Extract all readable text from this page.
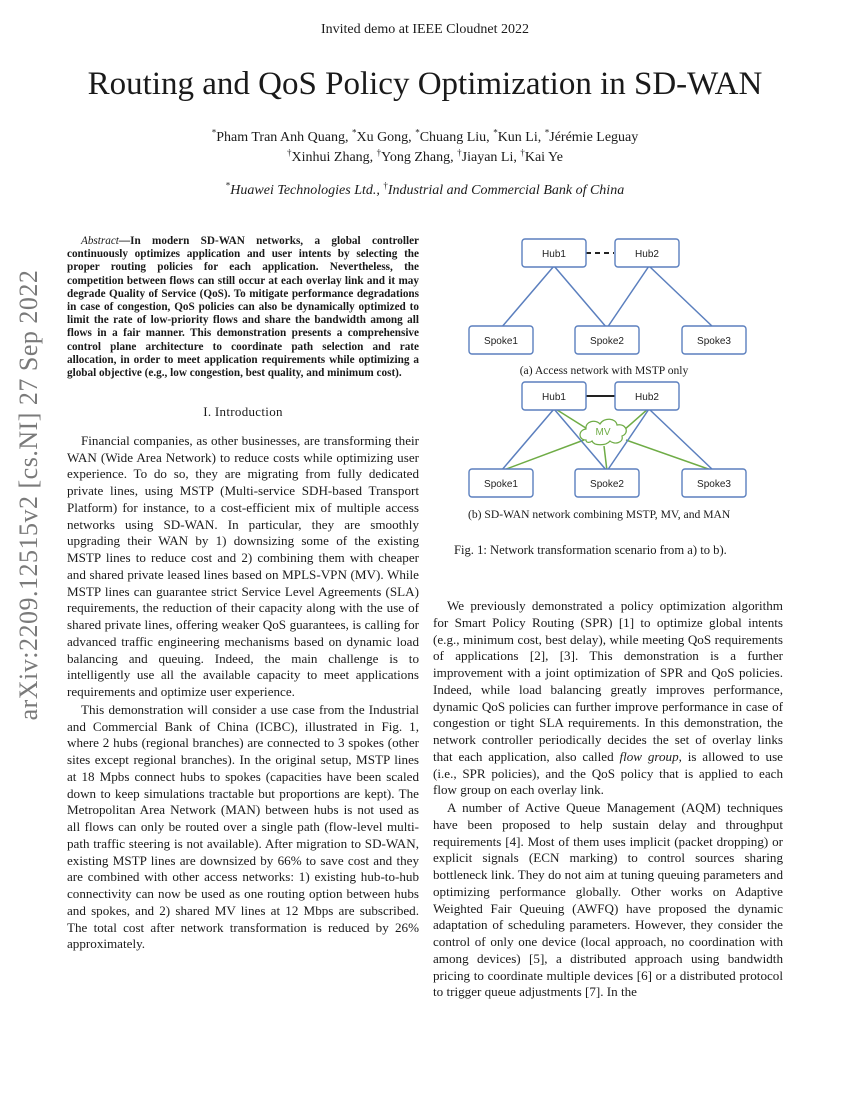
Invited demo at IEEE Cloudnet 2022
Routing and QoS Policy Optimization in SD-WAN
*Pham Tran Anh Quang, *Xu Gong, *Chuang Liu, *Kun Li, *Jérémie Leguay
†Xinhui Zhang, †Yong Zhang, †Jiayan Li, †Kai Ye
*Huawei Technologies Ltd., †Industrial and Commercial Bank of China
arXiv:2209.12515v2 [cs.NI] 27 Sep 2022

Abstract—In modern SD-WAN networks, a global controller continuously optimizes application and user intents by selecting the proper routing policies for each application. Nevertheless, the competition between flows can still occur at each overlay link and it may degrade Quality of Service (QoS). To mitigate performance degradations in case of congestion, QoS policies can also be dynamically optimized to limit the rate of low-priority flows and share the bandwidth among all flows in a fair manner. This demonstration presents a comprehensive control plane architecture to coordinate path selection and rate allocation, in order to meet application requirements while optimizing a global objective (e.g., low congestion, best quality, and minimum cost).

I. Introduction

Financial companies, as other businesses, are transforming their WAN (Wide Area Network) to reduce costs while optimizing user experience. To do so, they are migrating from fully dedicated private lines, using MSTP (Multi-service SDH-based Transport Platform) for instance, to a cost-efficient mix of multiple access networks using SD-WAN. In particular, they are smoothly upgrading their WAN by 1) downsizing some of the existing MSTP lines to reduce cost and 2) combining them with cheaper and shared private leased lines based on MPLS-VPN (MV). While MSTP lines can guarantee strict Service Level Agreements (SLA) requirements, the reduction of their capacity along with the use of shared private lines, offering weaker QoS guarantees, is calling for advanced traffic engineering mechanisms based on dynamic load balancing and queuing. Indeed, the main challenge is to intelligently use all the available capacity to meet applications requirements and optimize user experience.

This demonstration will consider a use case from the Industrial and Commercial Bank of China (ICBC), illustrated in Fig. 1, where 2 hubs (regional branches) are connected to 3 spokes (other sites except regional branches). In the original setup, MSTP lines at 18 Mpbs connect hubs to spokes (capacities have been scaled down to keep simulations tractable but proportions are kept). The Metropolitan Area Network (MAN) between hubs is not used as all flows can only be routed over a single path (flow-level multi-path traffic steering is not available). After migration to SD-WAN, existing MSTP lines are downsized by 66% to save cost and they are combined with other access networks: 1) existing hub-to-hub connectivity can now be used as one routing option between hubs and spokes, and 2) shared MV lines at 12 Mbps are subscribed. The total cost after network transformation is reduced by 26% approximately.

Hub1	Hub2
Spoke1	Spoke2	Spoke3
MV
Hub1	Hub2
Spoke1	Spoke2	Spoke3
(a) Access network with MSTP only
(b) SD-WAN network combining MSTP, MV, and MAN
Fig. 1: Network transformation scenario from a) to b).

We previously demonstrated a policy optimization algorithm for Smart Policy Routing (SPR) [1] to optimize global intents (e.g., minimum cost, best delay), while meeting QoS requirements of applications [2], [3]. This demonstration is a further improvement with a joint optimization of SPR and QoS policies. Indeed, while load balancing greatly improves performance, dynamic QoS policies can further improve performance in case of congestion or tight SLA requirements. In this demonstration, the network controller periodically decides the set of overlay links that each application, also called flow group, is allowed to use (i.e., SPR policies), and the QoS policy that is applied to each flow group on each overlay link.

A number of Active Queue Management (AQM) techniques have been proposed to help sustain delay and throughput requirements [4]. Most of them uses implicit (packet dropping) or explicit signals (ECN marking) to control sources sharing bottleneck link. They do not aim at tuning queuing parameters and optimizing performance globally. Other works on Adaptive Weighted Fair Queuing (AWFQ) have proposed the dynamic adaptation of scheduling parameters. However, they consider the control of only one device (local approach, no coordination with among devices) [5], a distributed approach using bandwidth pricing to coordinate multiple devices [6] or a distributed protocol to trigger queue adjustments [7]. In the
